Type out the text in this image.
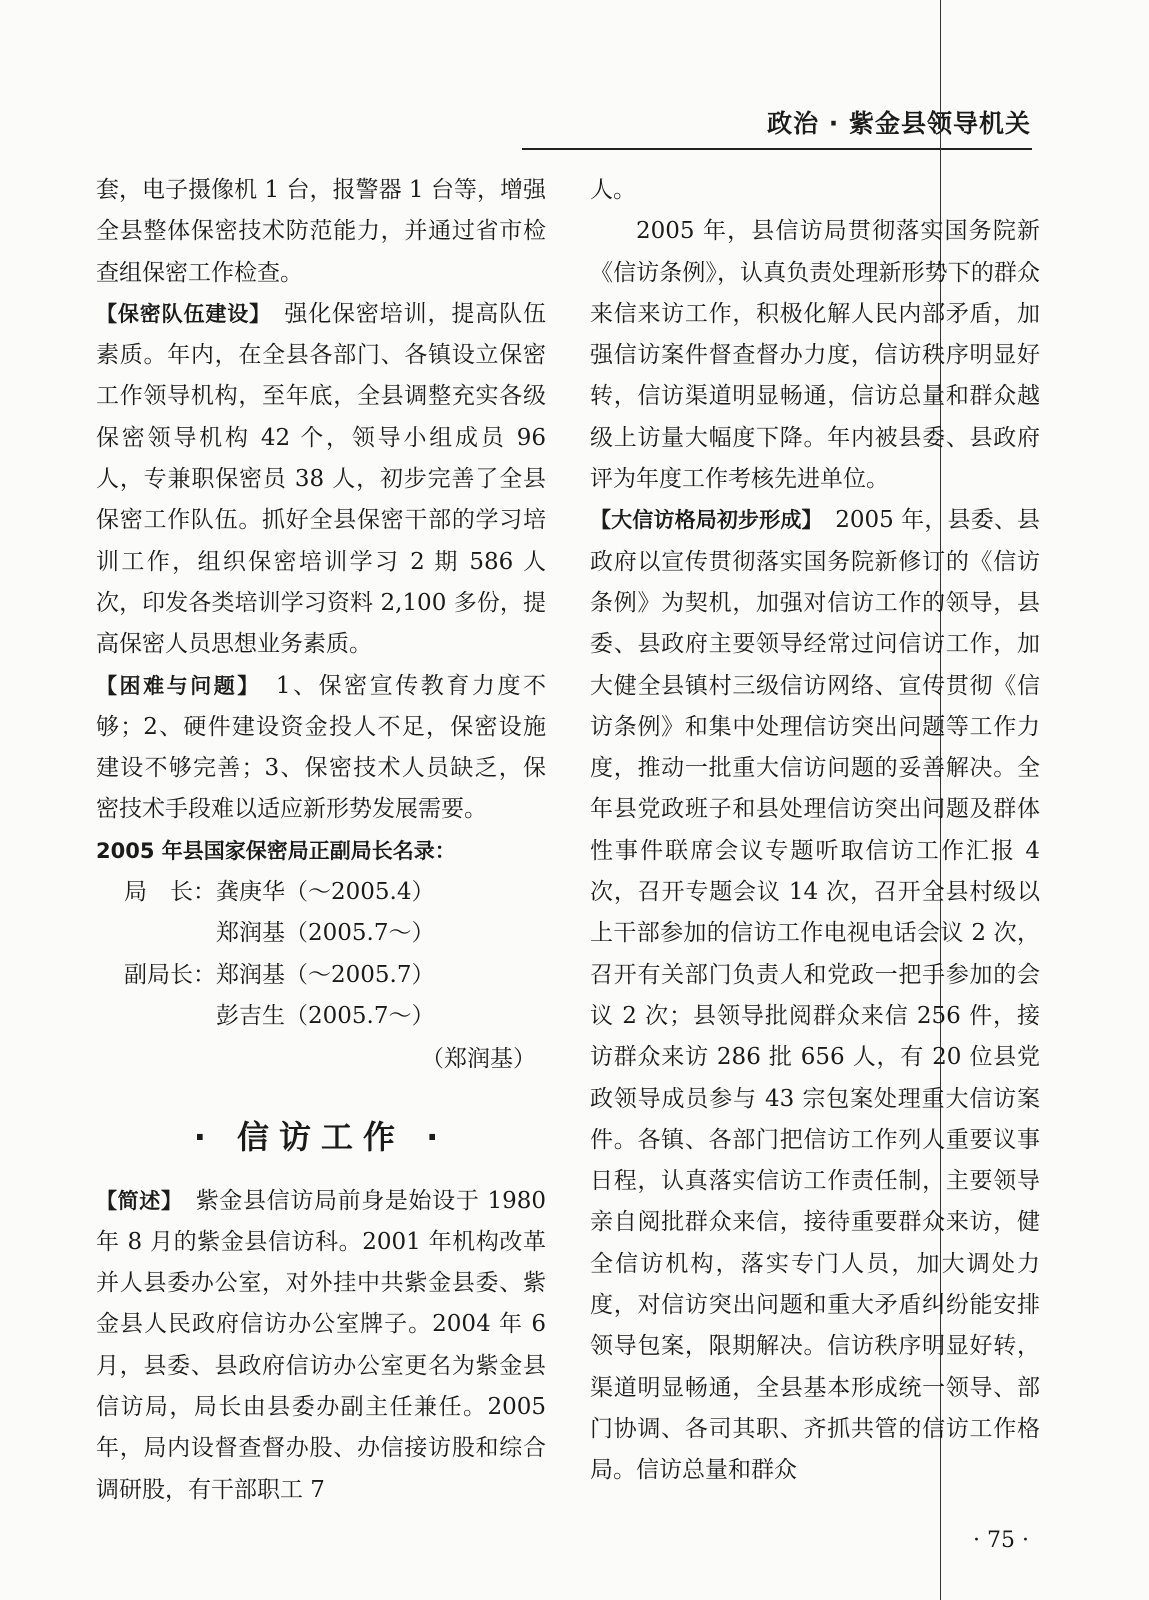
政治 · 紫金县领导机关

套，电子摄像机 1 台，报警器 1 台等，增强全县整体保密技术防范能力，并通过省市检查组保密工作检查。

【保密队伍建设】　强化保密培训，提高队伍素质。年内，在全县各部门、各镇设立保密工作领导机构，至年底，全县调整充实各级保密领导机构 42 个，领导小组成员 96 人，专兼职保密员 38 人，初步完善了全县保密工作队伍。抓好全县保密干部的学习培训工作，组织保密培训学习 2 期 586 人次，印发各类培训学习资料 2,100 多份，提高保密人员思想业务素质。

【困难与问题】　1、保密宣传教育力度不够；2、硬件建设资金投人不足，保密设施建设不够完善；3、保密技术人员缺乏，保密技术手段难以适应新形势发展需要。

2005 年县国家保密局正副局长名录：

局　长： 龚庚华（～2005.4）
郑润基（2005.7～）
副局长： 郑润基（～2005.7）
彭吉生（2005.7～）

（郑润基）

· 信访工作 ·

【简述】　紫金县信访局前身是始设于 1980 年 8 月的紫金县信访科。2001 年机构改革并人县委办公室，对外挂中共紫金县委、紫金县人民政府信访办公室牌子。2004 年 6 月，县委、县政府信访办公室更名为紫金县信访局，局长由县委办副主任兼任。2005 年，局内设督查督办股、办信接访股和综合调研股，有干部职工 7

人。

2005 年，县信访局贯彻落实国务院新《信访条例》，认真负责处理新形势下的群众来信来访工作，积极化解人民内部矛盾，加强信访案件督查督办力度，信访秩序明显好转，信访渠道明显畅通，信访总量和群众越级上访量大幅度下降。年内被县委、县政府评为年度工作考核先进单位。

【大信访格局初步形成】　2005 年，县委、县政府以宣传贯彻落实国务院新修订的《信访条例》为契机，加强对信访工作的领导，县委、县政府主要领导经常过问信访工作，加大健全县镇村三级信访网络、宣传贯彻《信访条例》和集中处理信访突出问题等工作力度，推动一批重大信访问题的妥善解决。全年县党政班子和县处理信访突出问题及群体性事件联席会议专题听取信访工作汇报 4 次，召开专题会议 14 次，召开全县村级以上干部参加的信访工作电视电话会议 2 次，召开有关部门负责人和党政一把手参加的会议 2 次；县领导批阅群众来信 256 件，接访群众来访 286 批 656 人，有 20 位县党政领导成员参与 43 宗包案处理重大信访案件。各镇、各部门把信访工作列人重要议事日程，认真落实信访工作责任制，主要领导亲自阅批群众来信，接待重要群众来访，健全信访机构，落实专门人员，加大调处力度，对信访突出问题和重大矛盾纠纷能安排领导包案，限期解决。信访秩序明显好转，渠道明显畅通，全县基本形成统一领导、部门协调、各司其职、齐抓共管的信访工作格局。信访总量和群众

· 75 ·
